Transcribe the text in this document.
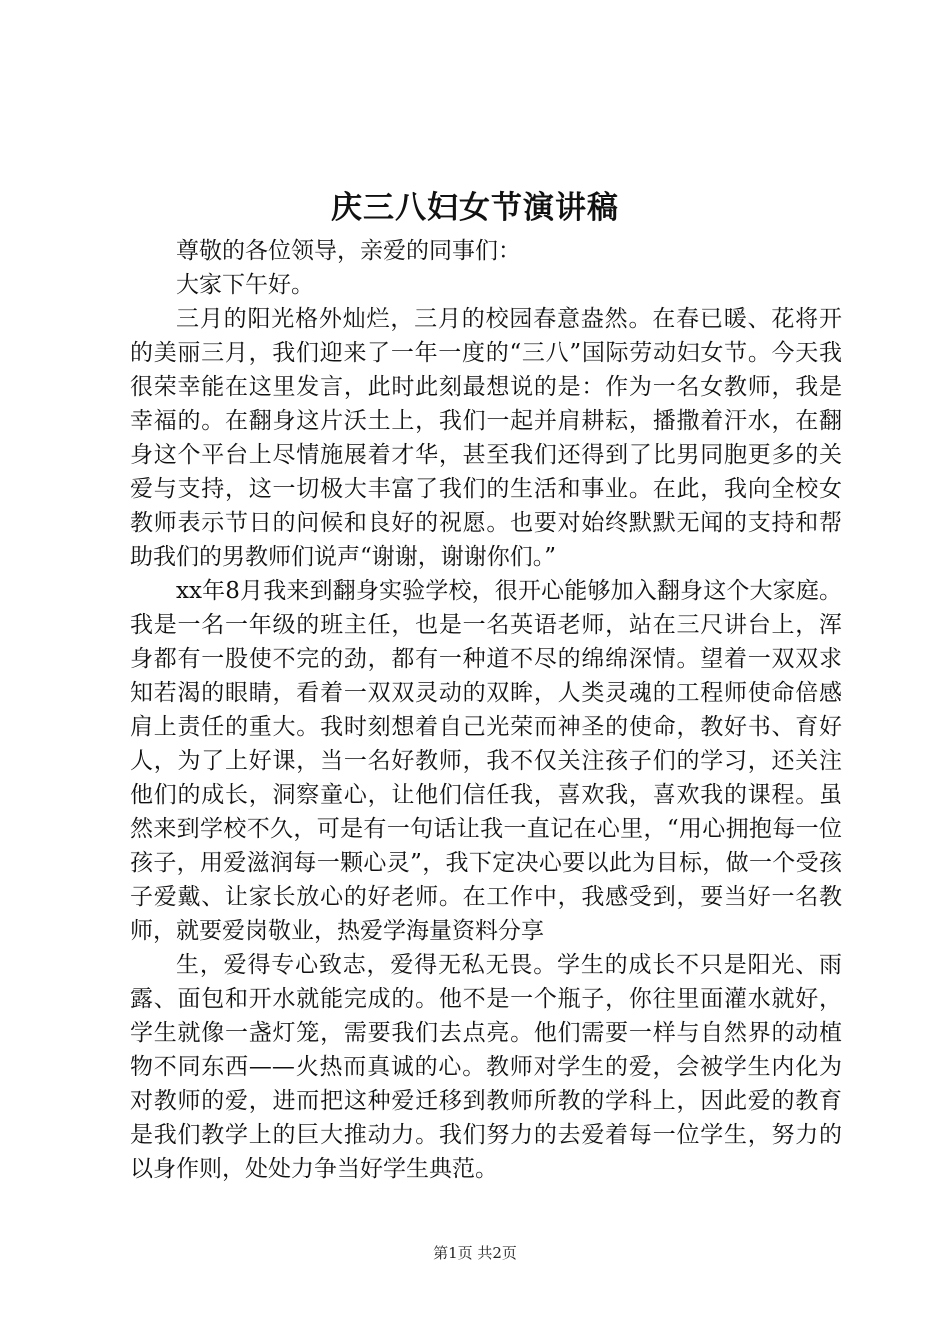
庆三八妇女节演讲稿

尊敬的各位领导，亲爱的同事们：

大家下午好。

三月的阳光格外灿烂，三月的校园春意盎然。在春已暖、花将开的美丽三月，我们迎来了一年一度的“三八”国际劳动妇女节。今天我很荣幸能在这里发言，此时此刻最想说的是：作为一名女教师，我是幸福的。在翻身这片沃土上，我们一起并肩耕耘，播撒着汗水，在翻身这个平台上尽情施展着才华，甚至我们还得到了比男同胞更多的关爱与支持，这一切极大丰富了我们的生活和事业。在此，我向全校女教师表示节日的问候和良好的祝愿。也要对始终默默无闻的支持和帮助我们的男教师们说声“谢谢，谢谢你们。”

xx年8月我来到翻身实验学校，很开心能够加入翻身这个大家庭。我是一名一年级的班主任，也是一名英语老师，站在三尺讲台上，浑身都有一股使不完的劲，都有一种道不尽的绵绵深情。望着一双双求知若渴的眼睛，看着一双双灵动的双眸，人类灵魂的工程师使命倍感肩上责任的重大。我时刻想着自己光荣而神圣的使命，教好书、育好人，为了上好课，当一名好教师，我不仅关注孩子们的学习，还关注他们的成长，洞察童心，让他们信任我，喜欢我，喜欢我的课程。虽然来到学校不久，可是有一句话让我一直记在心里，“用心拥抱每一位孩子，用爱滋润每一颗心灵”，我下定决心要以此为目标，做一个受孩子爱戴、让家长放心的好老师。在工作中，我感受到，要当好一名教师，就要爱岗敬业，热爱学海量资料分享

生，爱得专心致志，爱得无私无畏。学生的成长不只是阳光、雨露、面包和开水就能完成的。他不是一个瓶子，你往里面灌水就好，学生就像一盏灯笼，需要我们去点亮。他们需要一样与自然界的动植物不同东西——火热而真诚的心。教师对学生的爱，会被学生内化为对教师的爱，进而把这种爱迁移到教师所教的学科上，因此爱的教育是我们教学上的巨大推动力。我们努力的去爱着每一位学生，努力的以身作则，处处力争当好学生典范。

第1页 共2页
